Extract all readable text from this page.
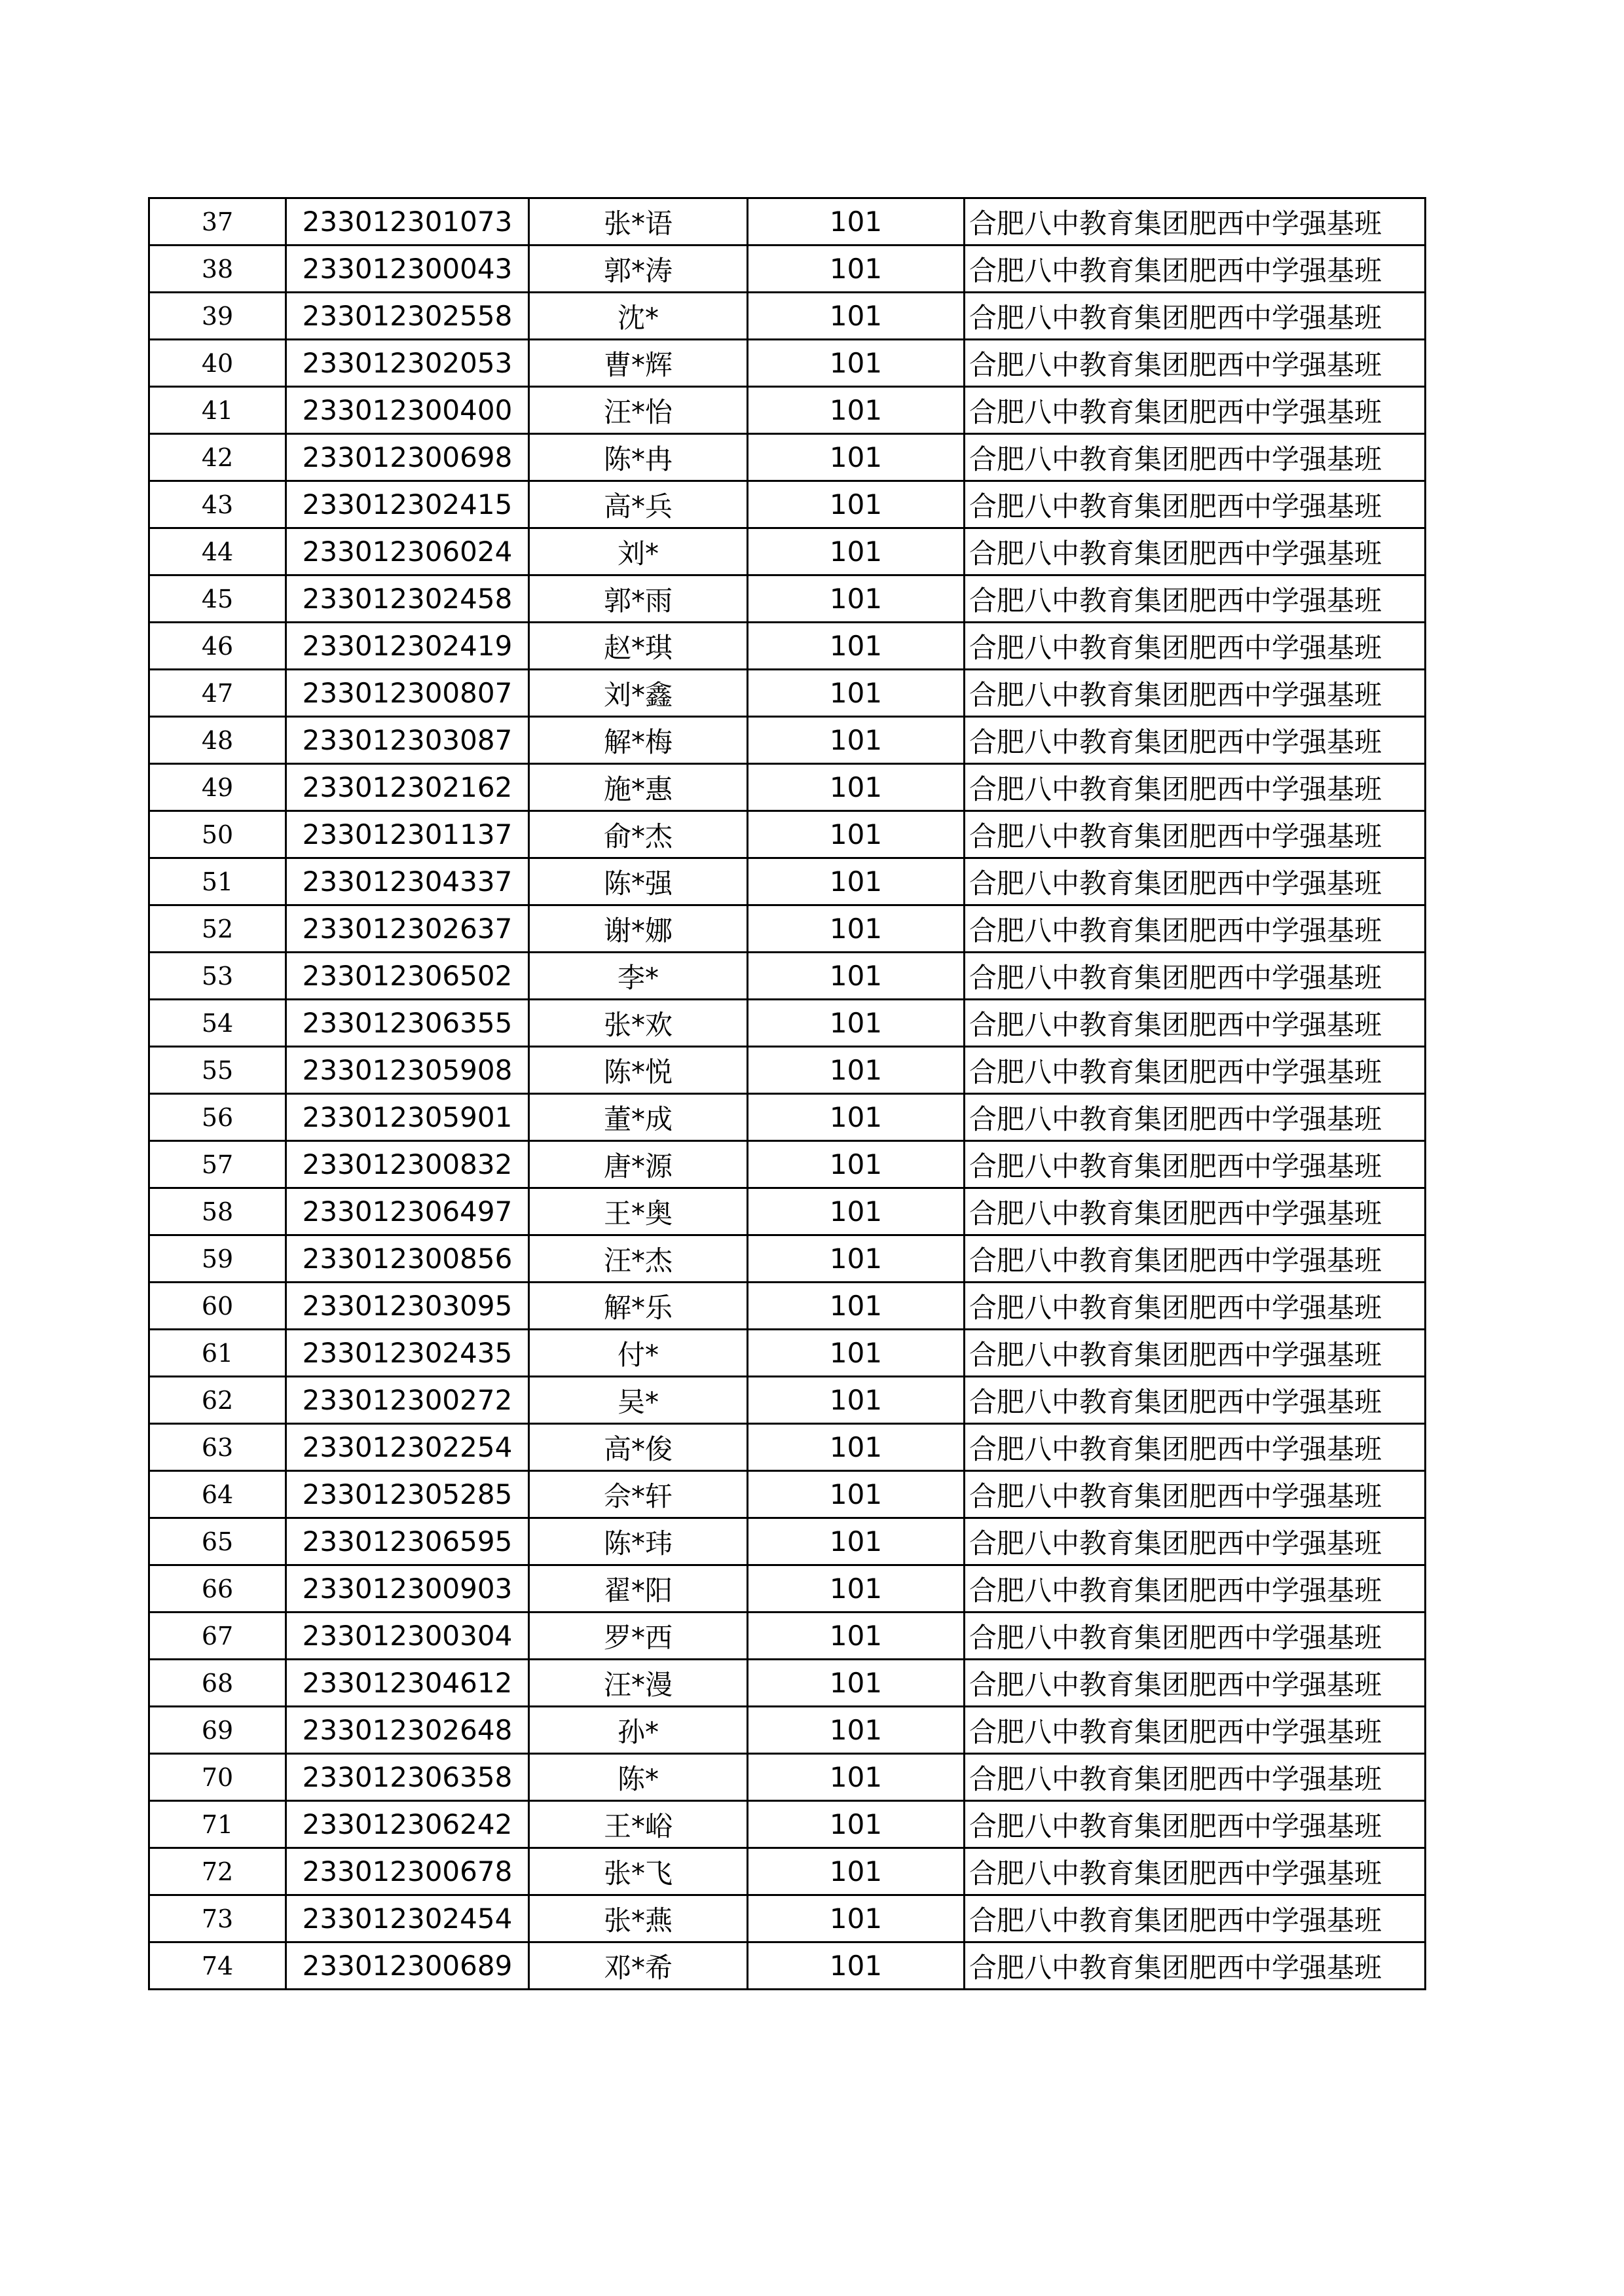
37	233012301073	张*语	101	合肥八中教育集团肥西中学强基班
38	233012300043	郭*涛	101	合肥八中教育集团肥西中学强基班
39	233012302558	沈*	101	合肥八中教育集团肥西中学强基班
40	233012302053	曹*辉	101	合肥八中教育集团肥西中学强基班
41	233012300400	汪*怡	101	合肥八中教育集团肥西中学强基班
42	233012300698	陈*冉	101	合肥八中教育集团肥西中学强基班
43	233012302415	高*兵	101	合肥八中教育集团肥西中学强基班
44	233012306024	刘*	101	合肥八中教育集团肥西中学强基班
45	233012302458	郭*雨	101	合肥八中教育集团肥西中学强基班
46	233012302419	赵*琪	101	合肥八中教育集团肥西中学强基班
47	233012300807	刘*鑫	101	合肥八中教育集团肥西中学强基班
48	233012303087	解*梅	101	合肥八中教育集团肥西中学强基班
49	233012302162	施*惠	101	合肥八中教育集团肥西中学强基班
50	233012301137	俞*杰	101	合肥八中教育集团肥西中学强基班
51	233012304337	陈*强	101	合肥八中教育集团肥西中学强基班
52	233012302637	谢*娜	101	合肥八中教育集团肥西中学强基班
53	233012306502	李*	101	合肥八中教育集团肥西中学强基班
54	233012306355	张*欢	101	合肥八中教育集团肥西中学强基班
55	233012305908	陈*悦	101	合肥八中教育集团肥西中学强基班
56	233012305901	董*成	101	合肥八中教育集团肥西中学强基班
57	233012300832	唐*源	101	合肥八中教育集团肥西中学强基班
58	233012306497	王*奥	101	合肥八中教育集团肥西中学强基班
59	233012300856	汪*杰	101	合肥八中教育集团肥西中学强基班
60	233012303095	解*乐	101	合肥八中教育集团肥西中学强基班
61	233012302435	付*	101	合肥八中教育集团肥西中学强基班
62	233012300272	吴*	101	合肥八中教育集团肥西中学强基班
63	233012302254	高*俊	101	合肥八中教育集团肥西中学强基班
64	233012305285	佘*轩	101	合肥八中教育集团肥西中学强基班
65	233012306595	陈*玮	101	合肥八中教育集团肥西中学强基班
66	233012300903	翟*阳	101	合肥八中教育集团肥西中学强基班
67	233012300304	罗*西	101	合肥八中教育集团肥西中学强基班
68	233012304612	汪*漫	101	合肥八中教育集团肥西中学强基班
69	233012302648	孙*	101	合肥八中教育集团肥西中学强基班
70	233012306358	陈*	101	合肥八中教育集团肥西中学强基班
71	233012306242	王*峪	101	合肥八中教育集团肥西中学强基班
72	233012300678	张*飞	101	合肥八中教育集团肥西中学强基班
73	233012302454	张*燕	101	合肥八中教育集团肥西中学强基班
74	233012300689	邓*希	101	合肥八中教育集团肥西中学强基班
